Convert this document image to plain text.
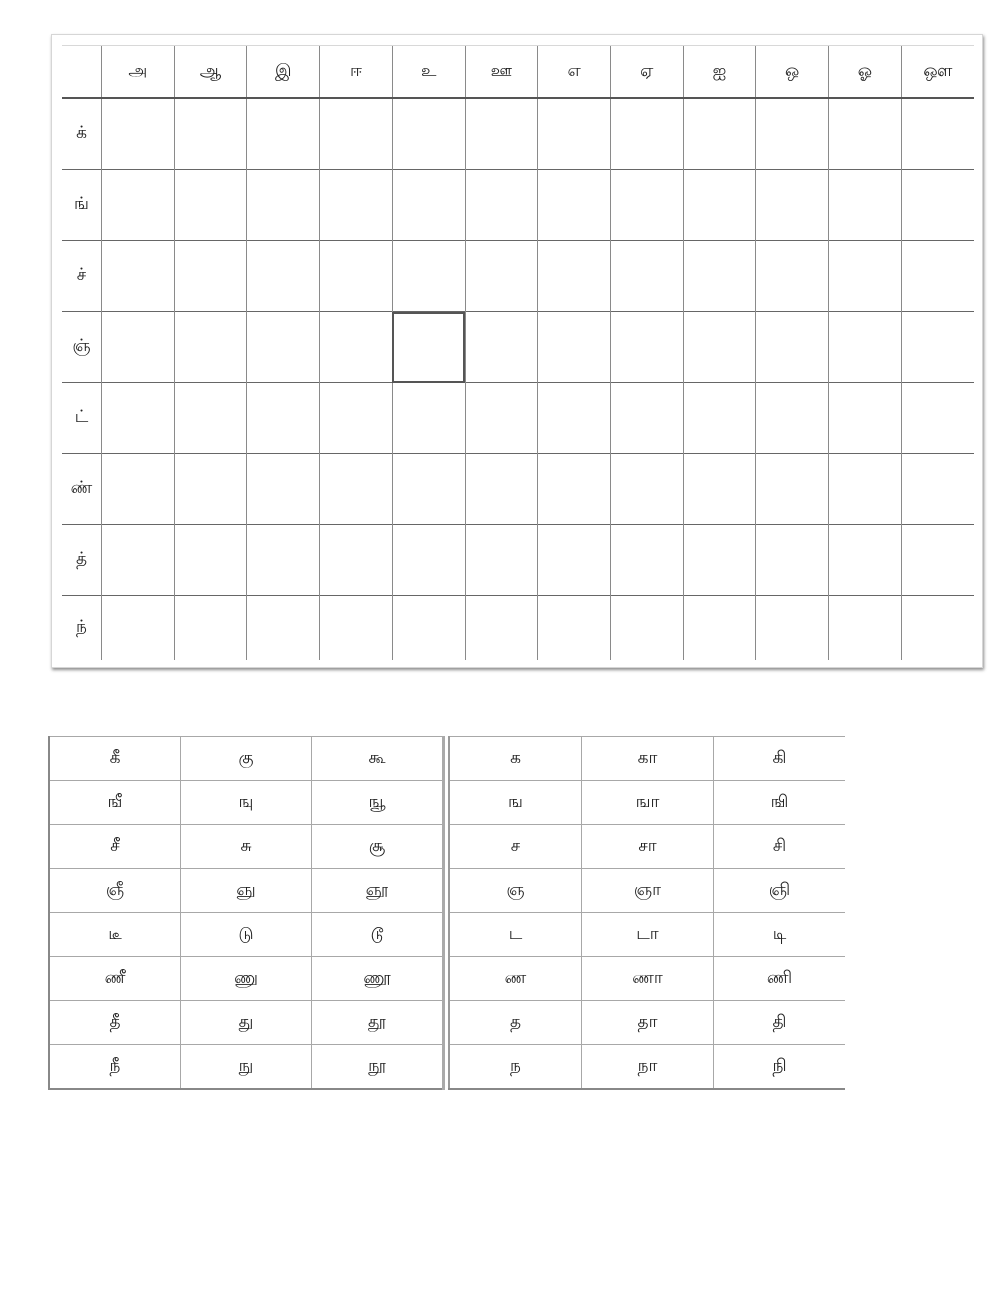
	அ	ஆ	இ	ஈ	உ	ஊ	எ	ஏ	ஐ	ஒ	ஓ	ஔ
க்												
ங்												
ச்												
ஞ்												
ட்												
ண்												
த்												
ந்												
கீ	கு	கூ
ஙீ	ஙு	ஙூ
சீ	சு	சூ
ஞீ	ஞு	ஞூ
டீ	டு	டூ
ணீ	ணு	ணூ
தீ	து	தூ
நீ	நு	நூ
க	கா	கி
ங	ஙா	ஙி
ச	சா	சி
ஞ	ஞா	ஞி
ட	டா	டி
ண	ணா	ணி
த	தா	தி
ந	நா	நி
